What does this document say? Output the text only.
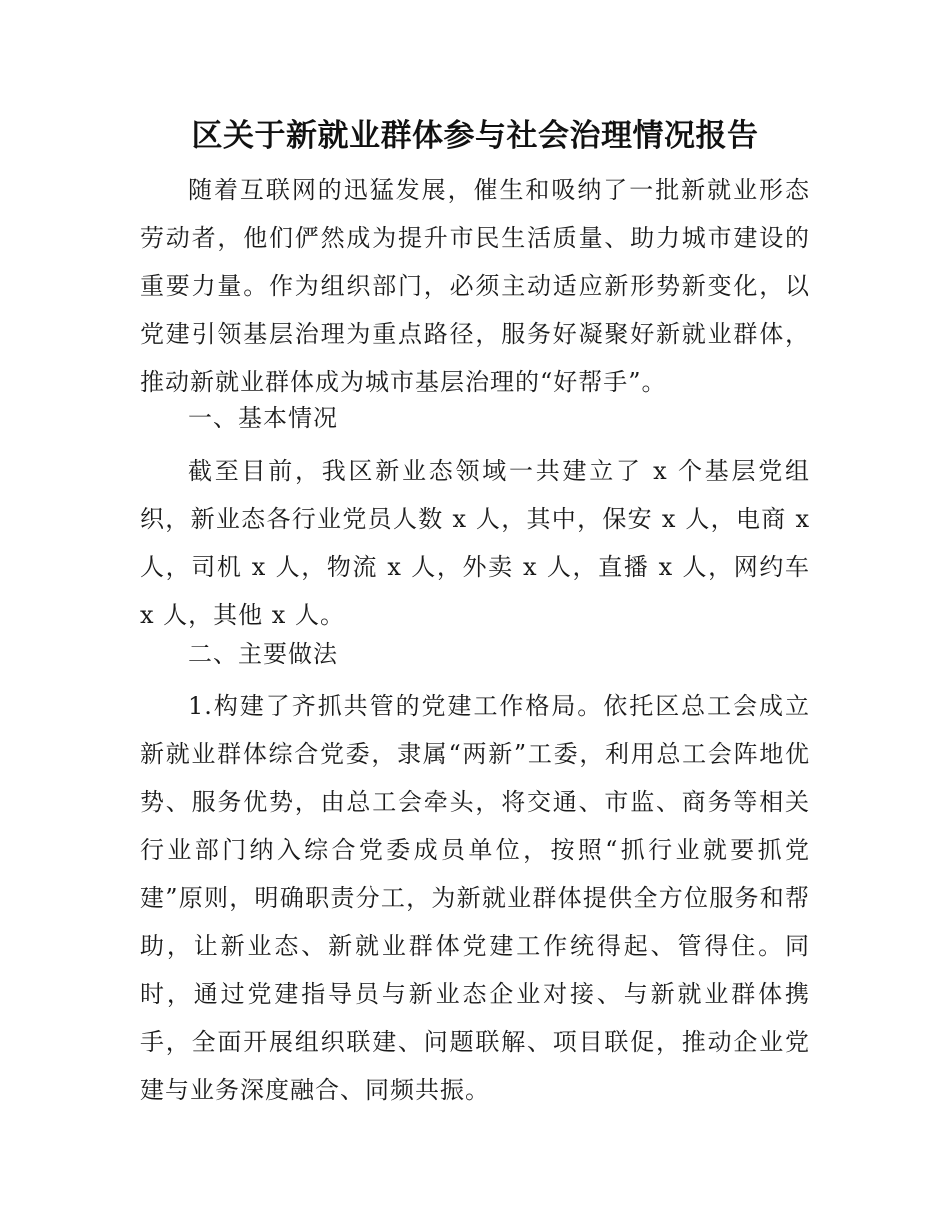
区关于新就业群体参与社会治理情况报告

随着互联网的迅猛发展，催生和吸纳了一批新就业形态劳动者，他们俨然成为提升市民生活质量、助力城市建设的重要力量。作为组织部门，必须主动适应新形势新变化，以党建引领基层治理为重点路径，服务好凝聚好新就业群体，推动新就业群体成为城市基层治理的“好帮手”。

一、基本情况

截至目前，我区新业态领域一共建立了 x 个基层党组织，新业态各行业党员人数 x 人，其中，保安 x 人，电商 x 人，司机 x 人，物流 x 人，外卖 x 人，直播 x 人，网约车 x 人，其他 x 人。

二、主要做法

1.构建了齐抓共管的党建工作格局。依托区总工会成立新就业群体综合党委，隶属“两新”工委，利用总工会阵地优势、服务优势，由总工会牵头，将交通、市监、商务等相关行业部门纳入综合党委成员单位，按照“抓行业就要抓党建”原则，明确职责分工，为新就业群体提供全方位服务和帮助，让新业态、新就业群体党建工作统得起、管得住。同时，通过党建指导员与新业态企业对接、与新就业群体携手，全面开展组织联建、问题联解、项目联促，推动企业党建与业务深度融合、同频共振。
